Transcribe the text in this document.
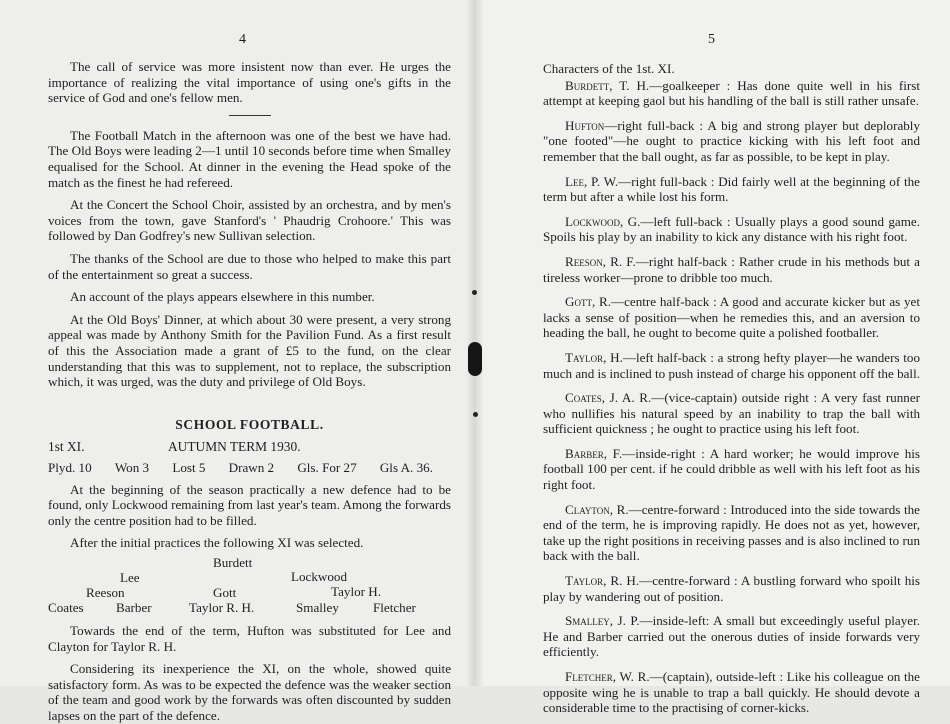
4

The call of service was more insistent now than ever. He urges the importance of realizing the vital importance of using one's gifts in the service of God and one's fellow men.

The Football Match in the afternoon was one of the best we have had. The Old Boys were leading 2—1 until 10 seconds before time when Smalley equalised for the School. At dinner in the evening the Head spoke of the match as the finest he had refereed.

At the Concert the School Choir, assisted by an orchestra, and by men's voices from the town, gave Stanford's ' Phaudrig Crohoore.' This was followed by Dan Godfrey's new Sullivan selection.

The thanks of the School are due to those who helped to make this part of the entertainment so great a success.

An account of the plays appears elsewhere in this number.

At the Old Boys' Dinner, at which about 30 were present, a very strong appeal was made by Anthony Smith for the Pavilion Fund. As a first result of this the Association made a grant of £5 to the fund, on the clear understanding that this was to supplement, not to replace, the subscription which, it was urged, was the duty and privilege of Old Boys.

SCHOOL FOOTBALL.
1st XI.	AUTUMN TERM 1930.
Plyd. 10 Won 3 Lost 5 Drawn 2 Gls. For 27 Gls A. 36.

At the beginning of the season practically a new defence had to be found, only Lockwood remaining from last year's team. Among the forwards only the centre position had to be filled.

After the initial practices the following XI was selected.

Burdett
Lee	Lockwood
Reeson	Gott	Taylor H.
Coates Barber	Taylor R. H.	Smalley	Fletcher

Towards the end of the term, Hufton was substituted for Lee and Clayton for Taylor R. H.

Considering its inexperience the XI, on the whole, showed quite satisfactory form. As was to be expected the defence was the weaker section of the team and good work by the forwards was often discounted by sudden lapses on the part of the defence.

5
Characters of the 1st. XI.

Burdett, T. H.—goalkeeper : Has done quite well in his first attempt at keeping gaol but his handling of the ball is still rather unsafe.

Hufton—right full-back : A big and strong player but deplorably "one footed"—he ought to practice kicking with his left foot and remember that the ball ought, as far as possible, to be kept in play.

Lee, P. W.—right full-back : Did fairly well at the beginning of the term but after a while lost his form.

Lockwood, G.—left full-back : Usually plays a good sound game. Spoils his play by an inability to kick any distance with his right foot.

Reeson, R. F.—right half-back : Rather crude in his methods but a tireless worker—prone to dribble too much.

Gott, R.—centre half-back : A good and accurate kicker but as yet lacks a sense of position—when he remedies this, and an aversion to heading the ball, he ought to become quite a polished footballer.

Taylor, H.—left half-back : a strong hefty player—he wanders too much and is inclined to push instead of charge his opponent off the ball.

Coates, J. A. R.—(vice-captain) outside right : A very fast runner who nullifies his natural speed by an inability to trap the ball with sufficient quickness ; he ought to practice using his left foot.

Barber, F.—inside-right : A hard worker; he would improve his football 100 per cent. if he could dribble as well with his left foot as his right foot.

Clayton, R.—centre-forward : Introduced into the side towards the end of the term, he is improving rapidly. He does not as yet, however, take up the right positions in receiving passes and is also inclined to run back with the ball.

Taylor, R. H.—centre-forward : A bustling forward who spoilt his play by wandering out of position.

Smalley, J. P.—inside-left: A small but exceedingly useful player. He and Barber carried out the onerous duties of inside forwards very efficiently.

Fletcher, W. R.—(captain), outside-left : Like his colleague on the opposite wing he is unable to trap a ball quickly. He should devote a considerable time to the practising of corner-kicks.
